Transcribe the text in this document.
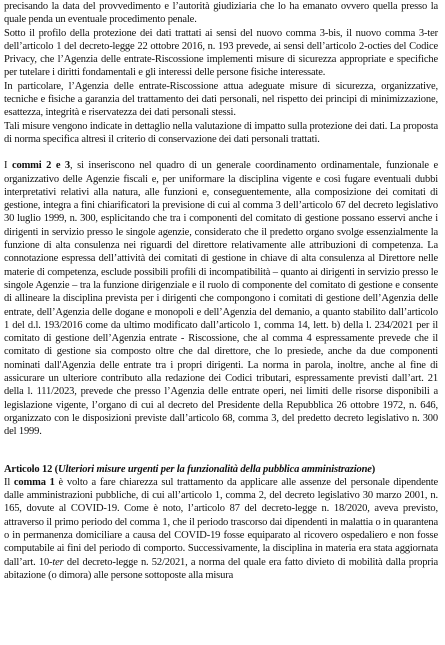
precisando la data del provvedimento e l’autorità giudiziaria che lo ha emanato ovvero quella presso la quale penda un eventuale procedimento penale.

Sotto il profilo della protezione dei dati trattati ai sensi del nuovo comma 3-bis, il nuovo comma 3-ter dell’articolo 1 del decreto-legge 22 ottobre 2016, n. 193 prevede, ai sensi dell’articolo 2-octies del Codice Privacy, che l’Agenzia delle entrate-Riscossione implementi misure di sicurezza appropriate e specifiche per tutelare i diritti fondamentali e gli interessi delle persone fisiche interessate.

In particolare, l’Agenzia delle entrate-Riscossione attua adeguate misure di sicurezza, organizzative, tecniche e fisiche a garanzia del trattamento dei dati personali, nel rispetto dei principi di minimizzazione, esattezza, integrità e riservatezza dei dati personali stessi.

Tali misure vengono indicate in dettaglio nella valutazione di impatto sulla protezione dei dati. La proposta di norma specifica altresì il criterio di conservazione dei dati personali trattati.

I commi 2 e 3, si inseriscono nel quadro di un generale coordinamento ordinamentale, funzionale e organizzativo delle Agenzie fiscali e, per uniformare la disciplina vigente e così fugare eventuali dubbi interpretativi relativi alla natura, alle funzioni e, conseguentemente, alla composizione dei comitati di gestione, integra a fini chiarificatori la previsione di cui al comma 3 dell’articolo 67 del decreto legislativo 30 luglio 1999, n. 300, esplicitando che tra i componenti del comitato di gestione possano esservi anche i dirigenti in servizio presso le singole agenzie, considerato che il predetto organo svolge essenzialmente la funzione di alta consulenza nei riguardi del direttore relativamente alle attribuzioni di competenza. La connotazione espressa dell’attività dei comitati di gestione in chiave di alta consulenza al Direttore nelle materie di competenza, esclude possibili profili di incompatibilità – quanto ai dirigenti in servizio presso le singole Agenzie – tra la funzione dirigenziale e il ruolo di componente del comitato di gestione e consente di allineare la disciplina prevista per i dirigenti che compongono i comitati di gestione dell’Agenzia delle entrate, dell’Agenzia delle dogane e monopoli e dell’Agenzia del demanio, a quanto stabilito dall’articolo 1 del d.l. 193/2016 come da ultimo modificato dall’articolo 1, comma 14, lett. b) della l. 234/2021 per il comitato di gestione dell’Agenzia entrate - Riscossione, che al comma 4 espressamente prevede che il comitato di gestione sia composto oltre che dal direttore, che lo presiede, anche da due componenti nominati dall'Agenzia delle entrate tra i propri dirigenti. La norma in parola, inoltre, anche al fine di assicurare un ulteriore contributo alla redazione dei Codici tributari, espressamente previsti dall’art. 21 della l. 111/2023, prevede che presso l’Agenzia delle entrate operi, nei limiti delle risorse disponibili a legislazione vigente, l’organo di cui al decreto del Presidente della Repubblica 26 ottobre 1972, n. 646, organizzato con le disposizioni previste dall’articolo 68, comma 3, del predetto decreto legislativo n. 300 del 1999.

Articolo 12 (Ulteriori misure urgenti per la funzionalità della pubblica amministrazione)

Il comma 1 è volto a fare chiarezza sul trattamento da applicare alle assenze del personale dipendente dalle amministrazioni pubbliche, di cui all’articolo 1, comma 2, del decreto legislativo 30 marzo 2001, n. 165, dovute al COVID-19. Come è noto, l’articolo 87 del decreto-legge n. 18/2020, aveva previsto, attraverso il primo periodo del comma 1, che il periodo trascorso dai dipendenti in malattia o in quarantena o in permanenza domiciliare a causa del COVID-19 fosse equiparato al ricovero ospedaliero e non fosse computabile ai fini del periodo di comporto. Successivamente, la disciplina in materia era stata aggiornata dall’art. 10-ter del decreto-legge n. 52/2021, a norma del quale era fatto divieto di mobilità dalla propria abitazione (o dimora) alle persone sottoposte alla misura
